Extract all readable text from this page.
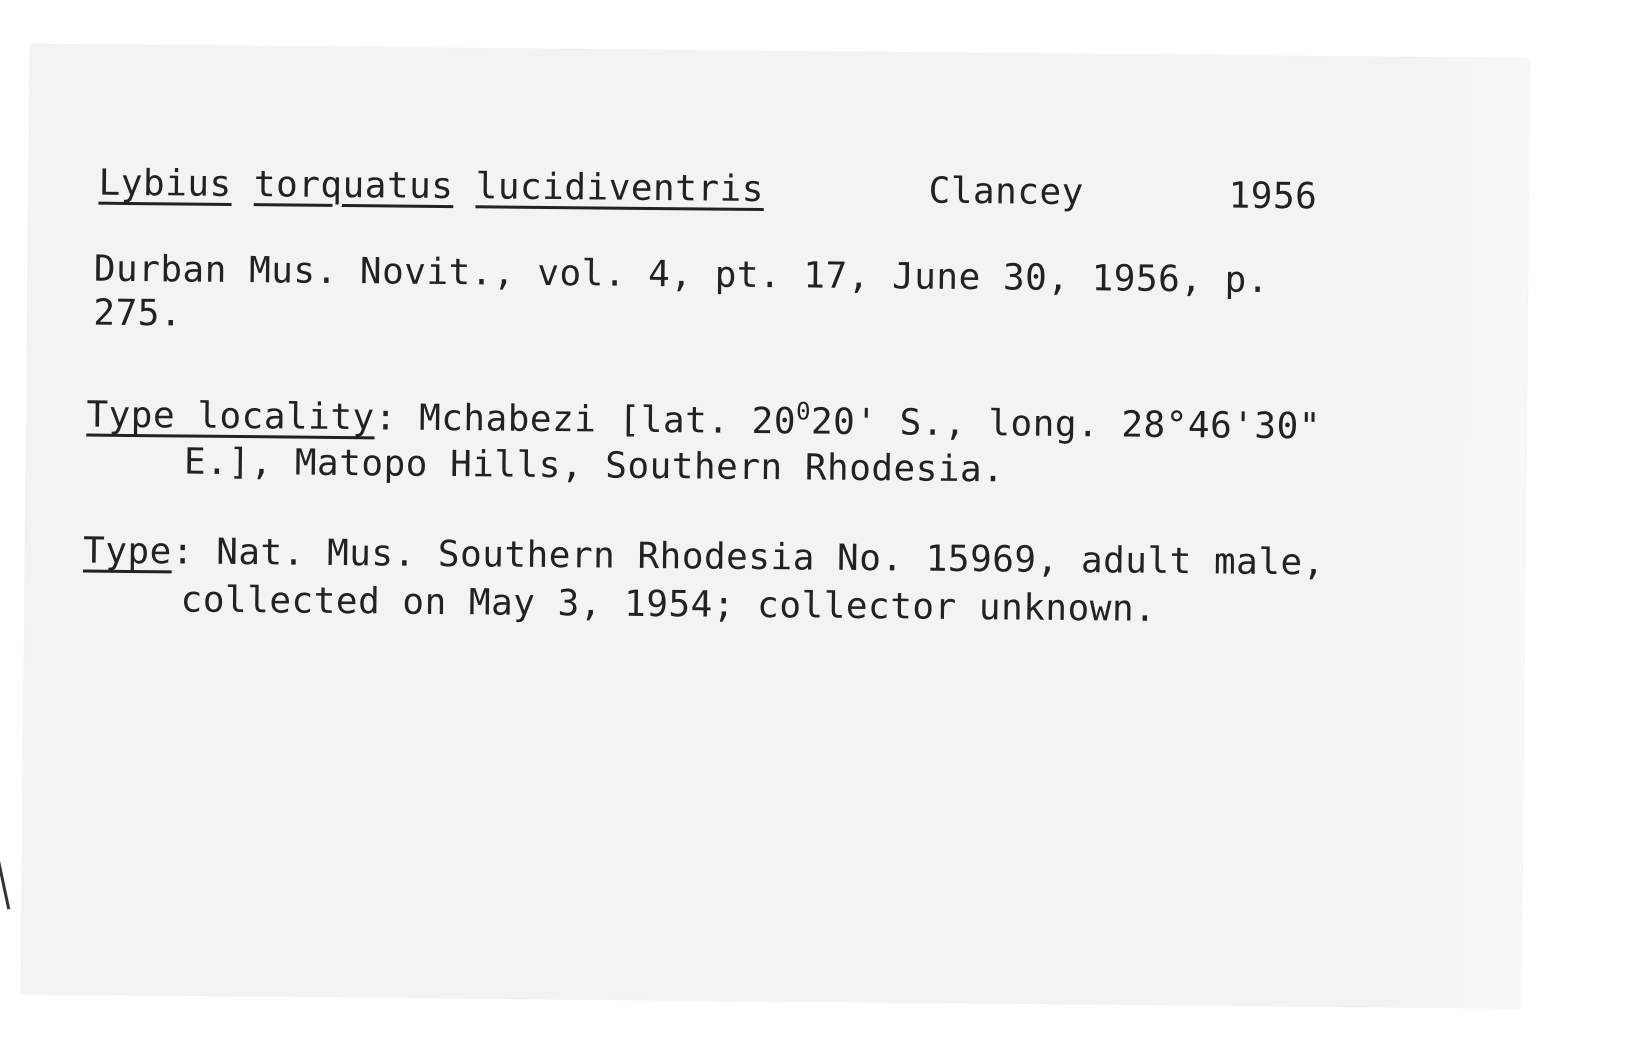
Lybius torquatus lucidiventris	Clancey	1956

Durban Mus. Novit., vol. 4, pt. 17, June 30, 1956, p.

275.

Type locality: Mchabezi [lat. $20^020'$ S., long. 28°46'30"

E.], Matopo Hills, Southern Rhodesia.

Type: Nat. Mus. Southern Rhodesia No. 15969, adult male,

collected on May 3, 1954; collector unknown.
